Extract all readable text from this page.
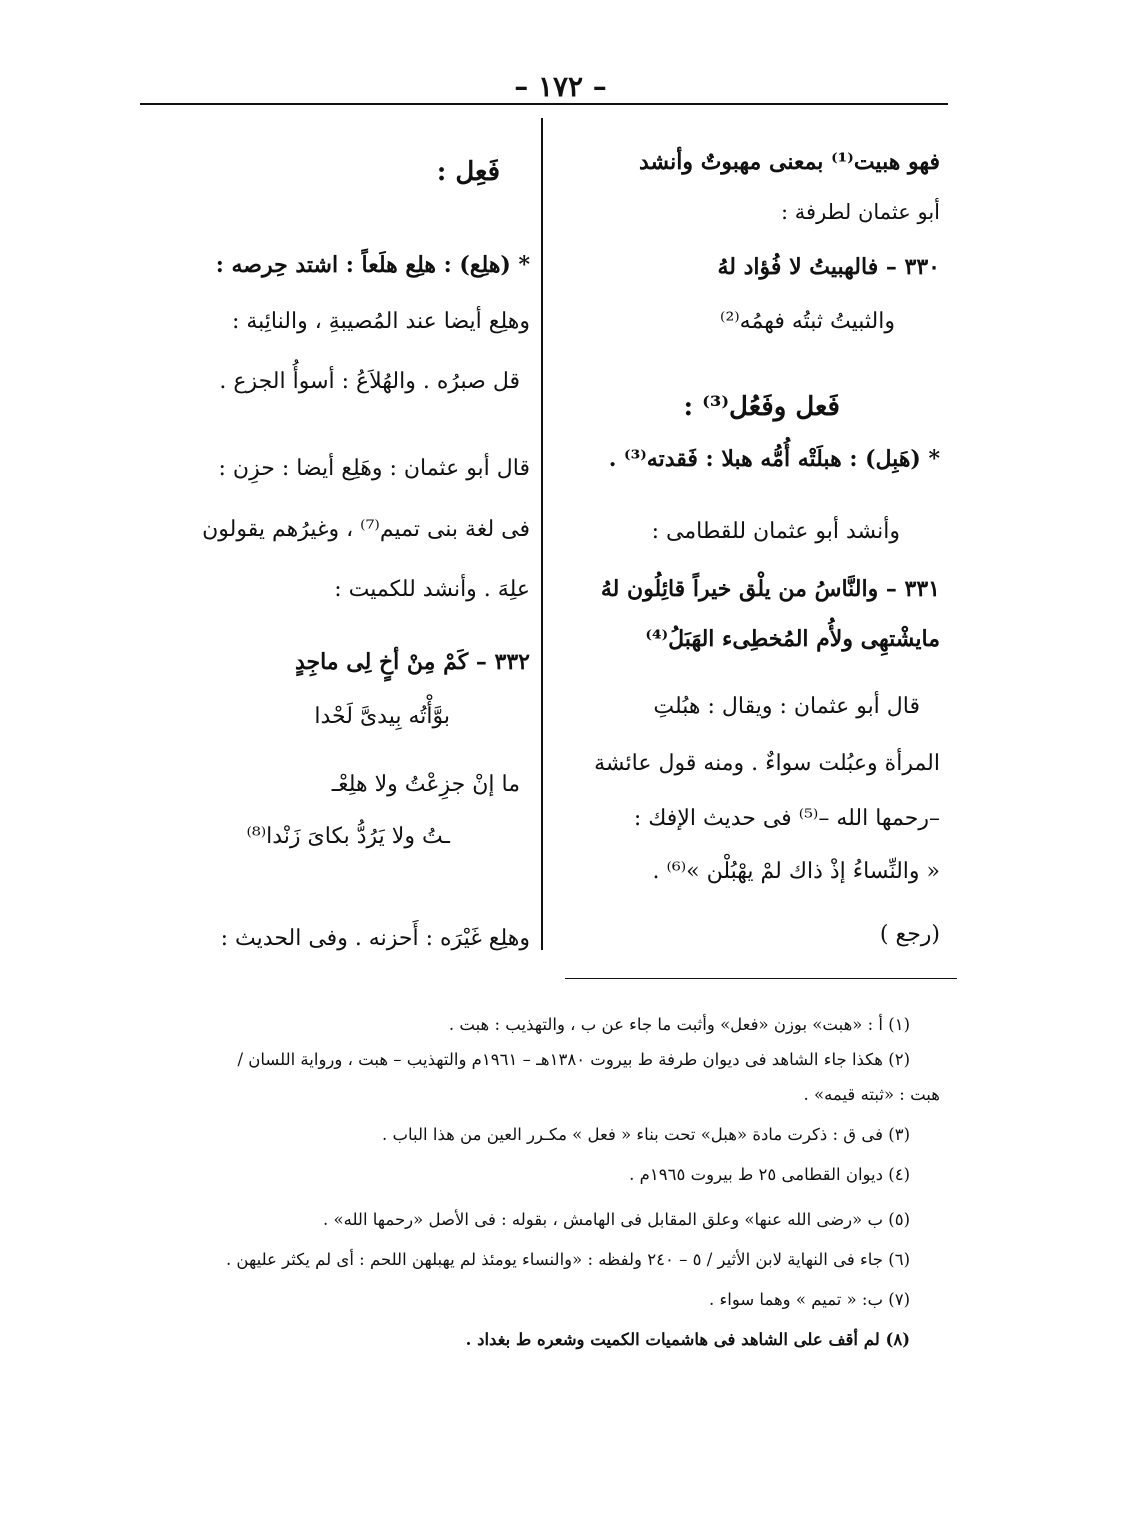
– ١٧٢ –
فهو هبيت⁽¹⁾ بمعنى مهبوتٌ وأنشد
أبو عثمان لطرفة :
٣٣٠ – فالهبيتُ لا فُؤاد لهُ
والثبيتُ ثبتُه فهمُه⁽²⁾
فَعل وفَعُل⁽³⁾ :
* (هَبِل) : هبلَتْه أُمُّه هبلا : فَقدته⁽³⁾ .
وأنشد أبو عثمان للقطامى :
٣٣١ – والنَّاسُ من يلْق خيراً قائِلُون لهُ
مايشْتهِى ولأُم المُخطِىء الهَبَلُ⁽⁴⁾
قال أبو عثمان : ويقال : هبُلتِ
المرأة وعبُلت سواءٌ . ومنه قول عائشة
–رحمها الله –⁽⁵⁾ فى حديث الإفك :
« والنِّساءُ إذْ ذاك لمْ يهْبُلْن »⁽⁶⁾ .
(رجع )
فَعِل :
* (هلِع) : هلِع هلَعاً : اشتد حِرصه :
وهلِع أيضا عند المُصيبةِ ، والنائِبة :
قل صبرُه . والهُلاَعُ : أسوأُ الجزع .
قال أبو عثمان : وهَلِع أيضا : حزِن :
فى لغة بنى تميم⁽⁷⁾ ، وغيرُهم يقولون
علِهَ . وأنشد للكميت :
٣٣٢ – كَمْ مِنْ أخٍ لِى ماجِدٍ
بوَّأْتُه بِيدىَّ لَحْدا
ما إنْ جزِعْتُ ولا هلِعْـ
ـتُ ولا يَرُدُّ بكاىَ زَنْدا⁽⁸⁾
وهلِع غَيْرَه : أَحزنه . وفى الحديث :
(١) أ : «هبت» بوزن «فعل» وأثبت ما جاء عن ب ، والتهذيب : هبت .
(٢) هكذا جاء الشاهد فى ديوان طرفة ط بيروت ١٣٨٠هـ – ١٩٦١م والتهذيب – هبت ، ورواية اللسان /
هبت : «ثبته قيمه» .
(٣) فى ق : ذكرت مادة «هبل» تحت بناء « فعل » مكـرر العين من هذا الباب .
(٤) ديوان القطامى ٢٥ ط بيروت ١٩٦٥م .
(٥) ب «رضى الله عنها» وعلق المقابل فى الهامش ، بقوله : فى الأصل «رحمها الله» .
(٦) جاء فى النهاية لابن الأثير / ٥ – ٢٤٠ ولفظه : «والنساء يومئذ لم يهبلهن اللحم : أى لم يكثر عليهن .
(٧) ب: « تميم » وهما سواء .
(٨) لم أقف على الشاهد فى هاشميات الكميت وشعره ط بغداد .
